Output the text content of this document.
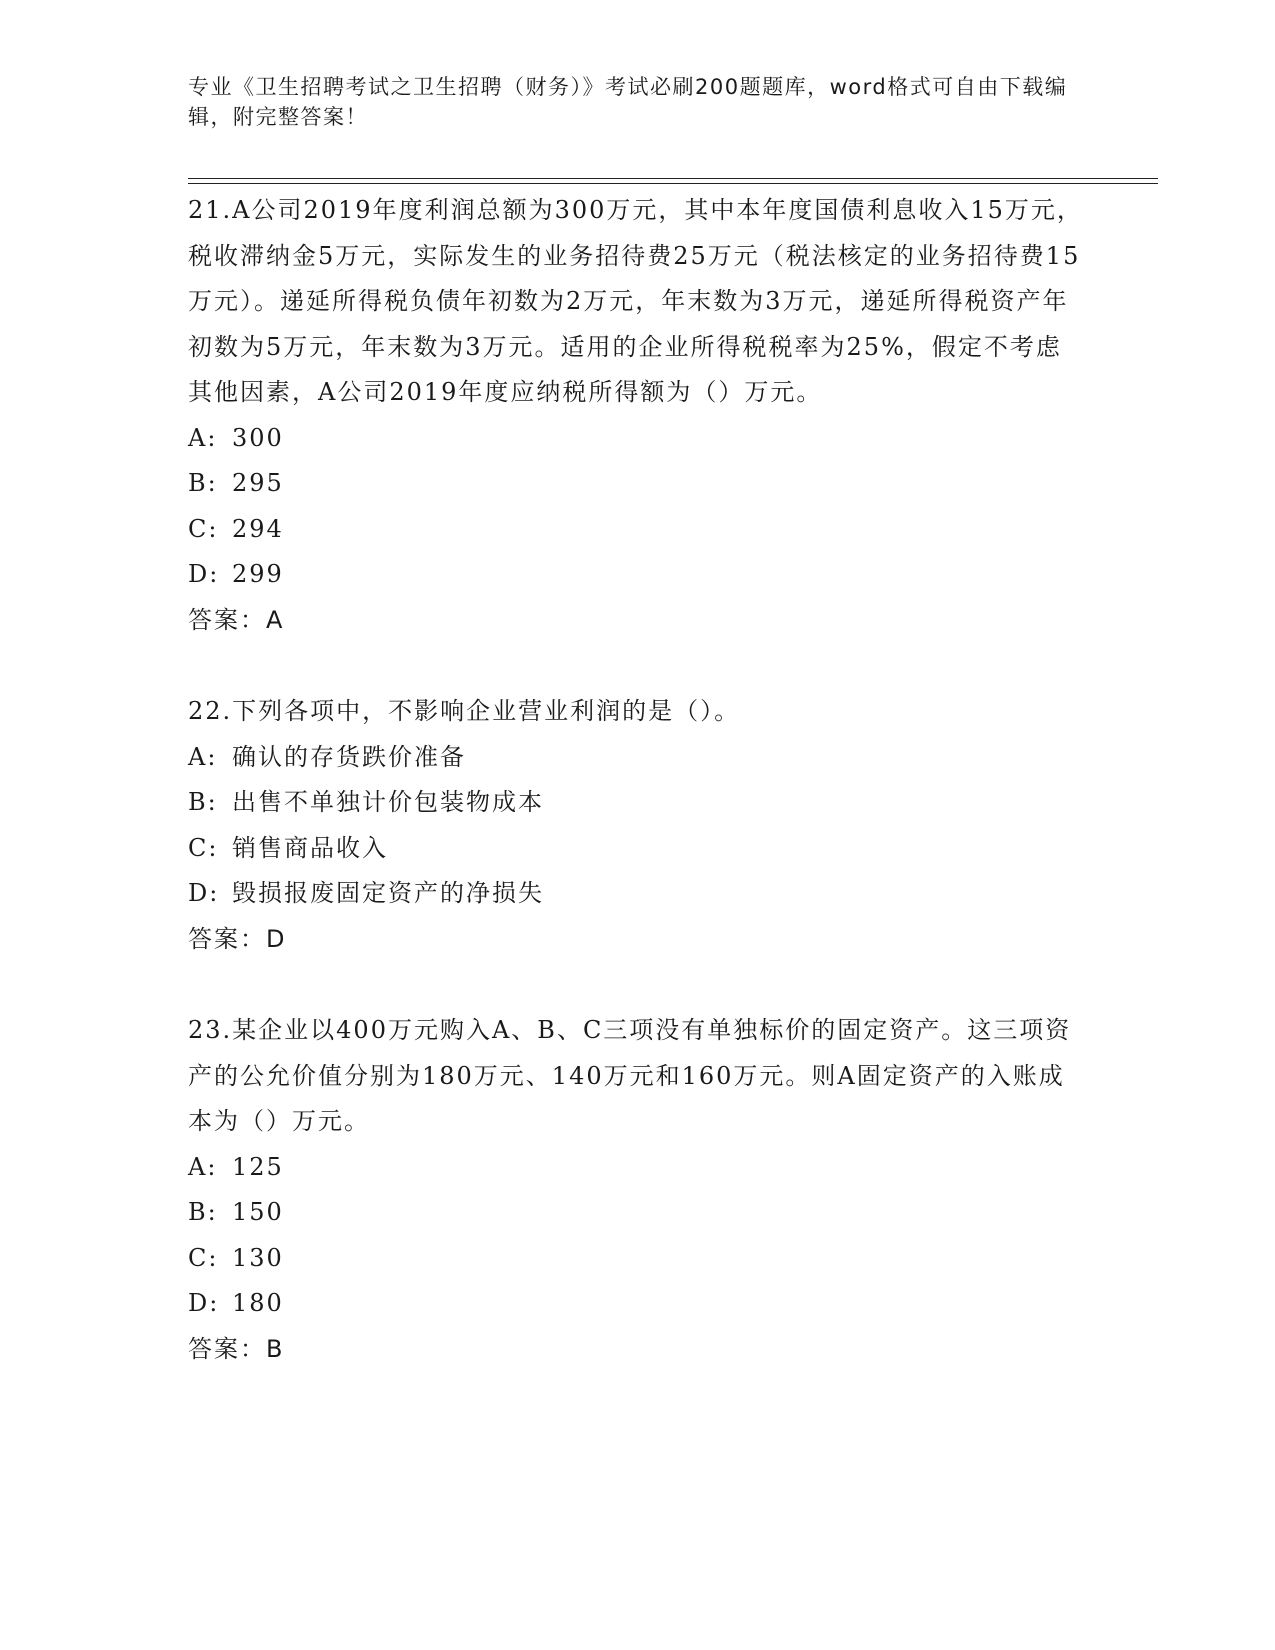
专业《卫生招聘考试之卫生招聘（财务）》考试必刷200题题库，word格式可自由下载编辑，附完整答案！

21.A公司2019年度利润总额为300万元，其中本年度国债利息收入15万元，税收滞纳金5万元，实际发生的业务招待费25万元（税法核定的业务招待费15万元）。递延所得税负债年初数为2万元，年末数为3万元，递延所得税资产年初数为5万元，年末数为3万元。适用的企业所得税税率为25%，假定不考虑其他因素，A公司2019年度应纳税所得额为（）万元。

A: 300

B: 295

C: 294

D: 299

答案：A

22.下列各项中，不影响企业营业利润的是（）。

A: 确认的存货跌价准备

B: 出售不单独计价包装物成本

C: 销售商品收入

D: 毁损报废固定资产的净损失

答案：D

23.某企业以400万元购入A、B、C三项没有单独标价的固定资产。这三项资产的公允价值分别为180万元、140万元和160万元。则A固定资产的入账成本为（）万元。

A: 125

B: 150

C: 130

D: 180

答案：B
